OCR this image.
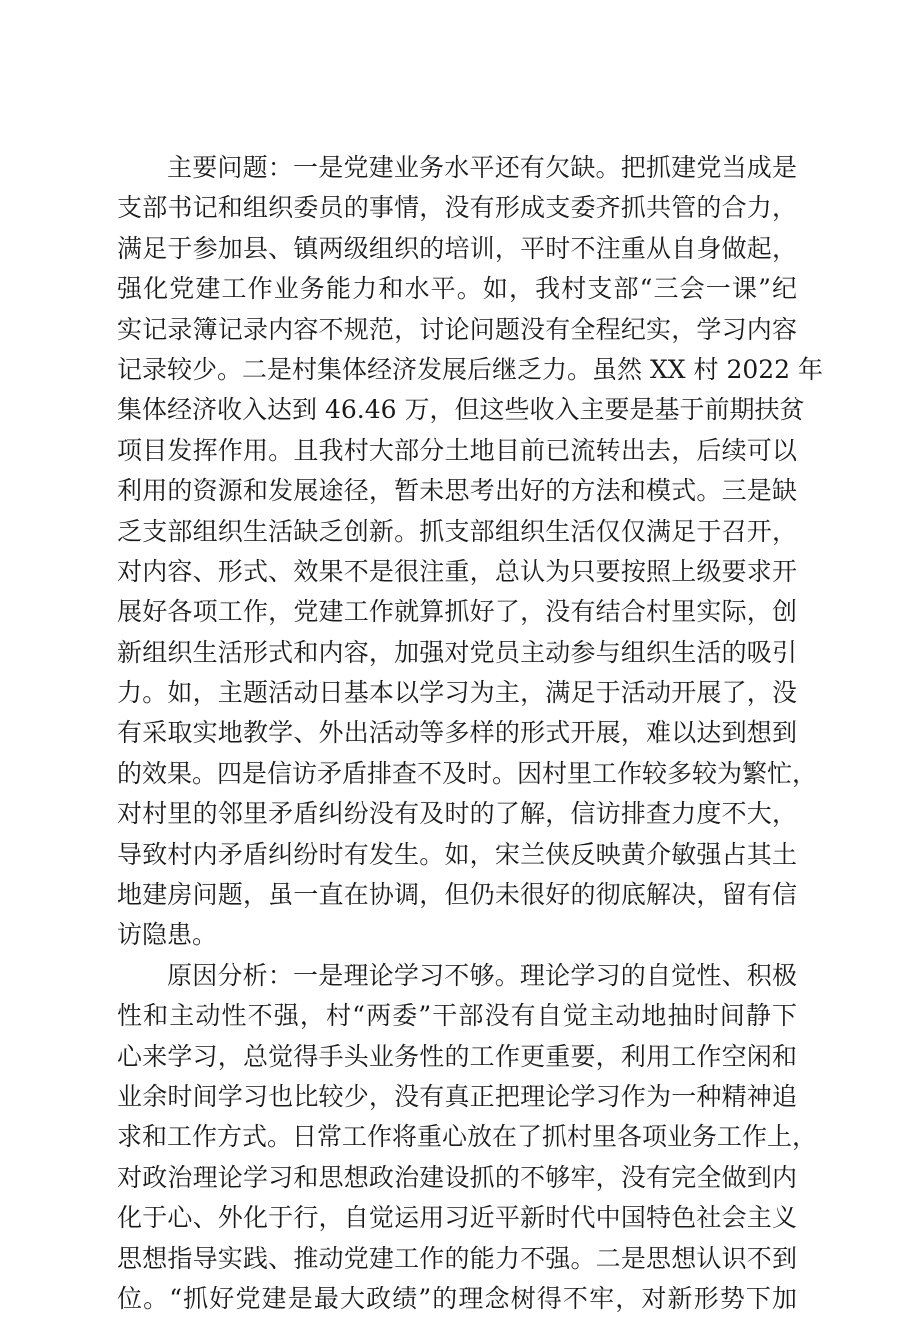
主要问题：一是党建业务水平还有欠缺。把抓建党当成是
支部书记和组织委员的事情，没有形成支委齐抓共管的合力，
满足于参加县、镇两级组织的培训，平时不注重从自身做起，
强化党建工作业务能力和水平。如，我村支部“三会一课”纪
实记录簿记录内容不规范，讨论问题没有全程纪实，学习内容
记录较少。二是村集体经济发展后继乏力。虽然 XX 村 2022 年
集体经济收入达到 46.46 万，但这些收入主要是基于前期扶贫
项目发挥作用。且我村大部分土地目前已流转出去，后续可以
利用的资源和发展途径，暂未思考出好的方法和模式。三是缺
乏支部组织生活缺乏创新。抓支部组织生活仅仅满足于召开，
对内容、形式、效果不是很注重，总认为只要按照上级要求开
展好各项工作，党建工作就算抓好了，没有结合村里实际，创
新组织生活形式和内容，加强对党员主动参与组织生活的吸引
力。如，主题活动日基本以学习为主，满足于活动开展了，没
有采取实地教学、外出活动等多样的形式开展，难以达到想到
的效果。四是信访矛盾排查不及时。因村里工作较多较为繁忙，
对村里的邻里矛盾纠纷没有及时的了解，信访排查力度不大，
导致村内矛盾纠纷时有发生。如，宋兰侠反映黄介敏强占其土
地建房问题，虽一直在协调，但仍未很好的彻底解决，留有信
访隐患。
原因分析：一是理论学习不够。理论学习的自觉性、积极
性和主动性不强，村“两委”干部没有自觉主动地抽时间静下
心来学习，总觉得手头业务性的工作更重要，利用工作空闲和
业余时间学习也比较少，没有真正把理论学习作为一种精神追
求和工作方式。日常工作将重心放在了抓村里各项业务工作上，
对政治理论学习和思想政治建设抓的不够牢，没有完全做到内
化于心、外化于行，自觉运用习近平新时代中国特色社会主义
思想指导实践、推动党建工作的能力不强。二是思想认识不到
位。“抓好党建是最大政绩”的理念树得不牢，对新形势下加
